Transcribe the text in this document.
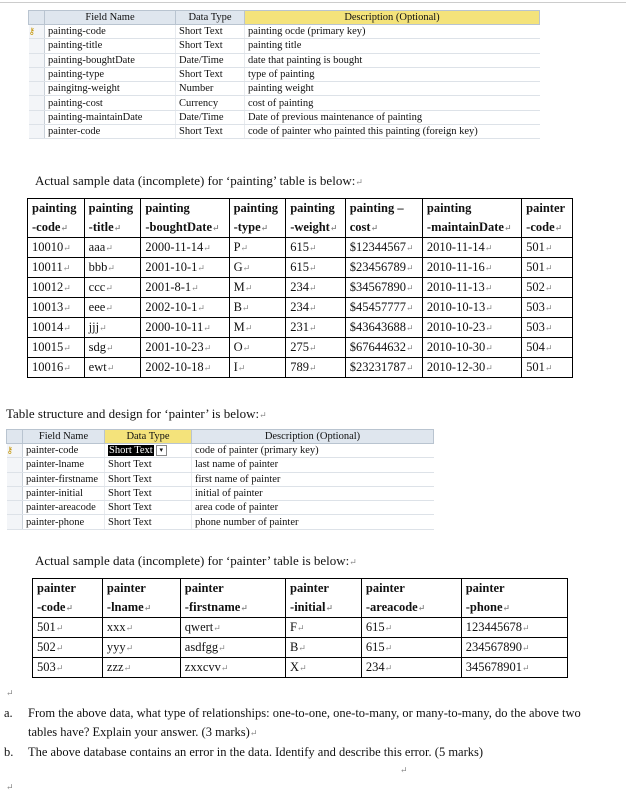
	Field Name	Data Type	Description (Optional)
⚷	painting-code	Short Text	painting ocde (primary key)
	painting-title	Short Text	painting title
	painting-boughtDate	Date/Time	date that painting is bought
	painting-type	Short Text	type of painting
	paingitng-weight	Number	painting weight
	painting-cost	Currency	cost of painting
	painting-maintainDate	Date/Time	Date of previous maintenance of painting
	painter-code	Short Text	code of painter who painted this painting (foreign key)
Actual sample data (incomplete) for ‘painting’ table is below:↵
painting	painting	painting	painting	painting	painting –	painting	painter
-code↵	-title↵	-boughtDate↵	-type↵	-weight↵	cost↵	-maintainDate↵	-code↵
10010↵	aaa↵	2000-11-14↵	P↵	615↵	$12344567↵	2010-11-14↵	501↵
10011↵	bbb↵	2001-10-1↵	G↵	615↵	$23456789↵	2010-11-16↵	501↵
10012↵	ccc↵	2001-8-1↵	M↵	234↵	$34567890↵	2010-11-13↵	502↵
10013↵	eee↵	2002-10-1↵	B↵	234↵	$45457777↵	2010-10-13↵	503↵
10014↵	jjj↵	2000-10-11↵	M↵	231↵	$43643688↵	2010-10-23↵	503↵
10015↵	sdg↵	2001-10-23↵	O↵	275↵	$67644632↵	2010-10-30↵	504↵
10016↵	ewt↵	2002-10-18↵	I↵	789↵	$23231787↵	2010-12-30↵	501↵
Table structure and design for ‘painter’ is below:↵
	Field Name	Data Type	Description (Optional)
⚷	painter-code	Short Text ▾	code of painter (primary key)
	painter-lname	Short Text	last name of painter
	painter-firstname	Short Text	first name of painter
	painter-initial	Short Text	initial of painter
	painter-areacode	Short Text	area code of painter
	painter-phone	Short Text	phone number of painter
Actual sample data (incomplete) for ‘painter’ table is below:↵
painter	painter	painter	painter	painter	painter
-code↵	-lname↵	-firstname↵	-initial↵	-areacode↵	-phone↵
501↵	xxx↵	qwert↵	F↵	615↵	123445678↵
502↵	yyy↵	asdfgg↵	B↵	615↵	234567890↵
503↵	zzz↵	zxxcvv↵	X↵	234↵	345678901↵
↵
a.	From the above data, what type of relationships: one-to-one, one-to-many, or many-to-many, do the above two tables have? Explain your answer. (3 marks)↵
b.	The above database contains an error in the data. Identify and describe this error. (5 marks)
↵
↵
